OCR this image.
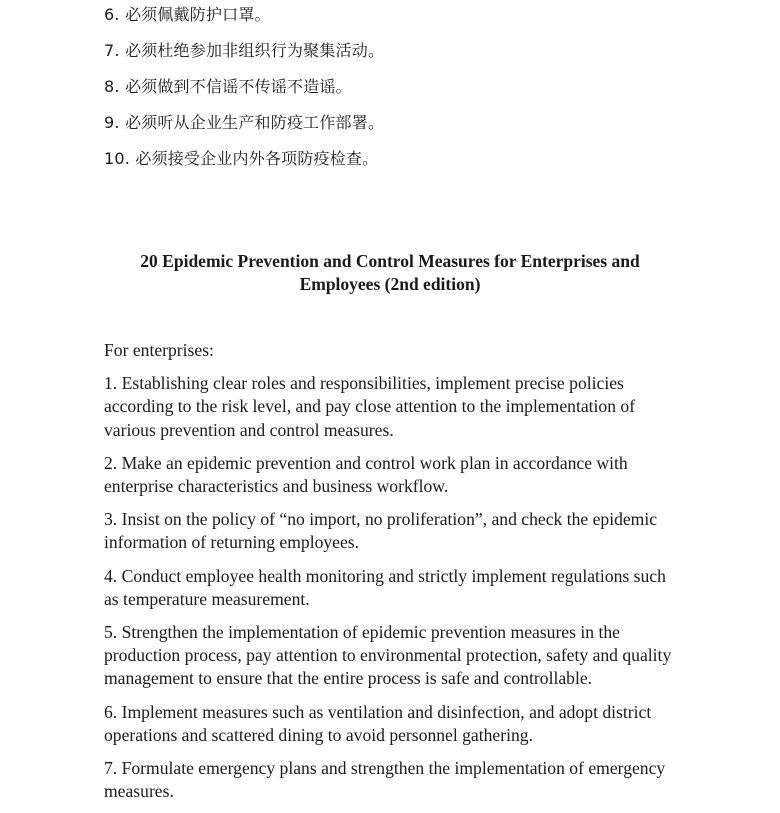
6. 必须佩戴防护口罩。
7. 必须杜绝参加非组织行为聚集活动。
8. 必须做到不信谣不传谣不造谣。
9. 必须听从企业生产和防疫工作部署。
10. 必须接受企业内外各项防疫检查。
20 Epidemic Prevention and Control Measures for Enterprises and
Employees (2nd edition)

For enterprises:

1. Establishing clear roles and responsibilities, implement precise policies according to the risk level, and pay close attention to the implementation of various prevention and control measures.

2. Make an epidemic prevention and control work plan in accordance with enterprise characteristics and business workflow.

3. Insist on the policy of “no import, no proliferation”, and check the epidemic information of returning employees.

4. Conduct employee health monitoring and strictly implement regulations such as temperature measurement.

5. Strengthen the implementation of epidemic prevention measures in the production process, pay attention to environmental protection, safety and quality management to ensure that the entire process is safe and controllable.

6. Implement measures such as ventilation and disinfection, and adopt district operations and scattered dining to avoid personnel gathering.

7. Formulate emergency plans and strengthen the implementation of emergency measures.
